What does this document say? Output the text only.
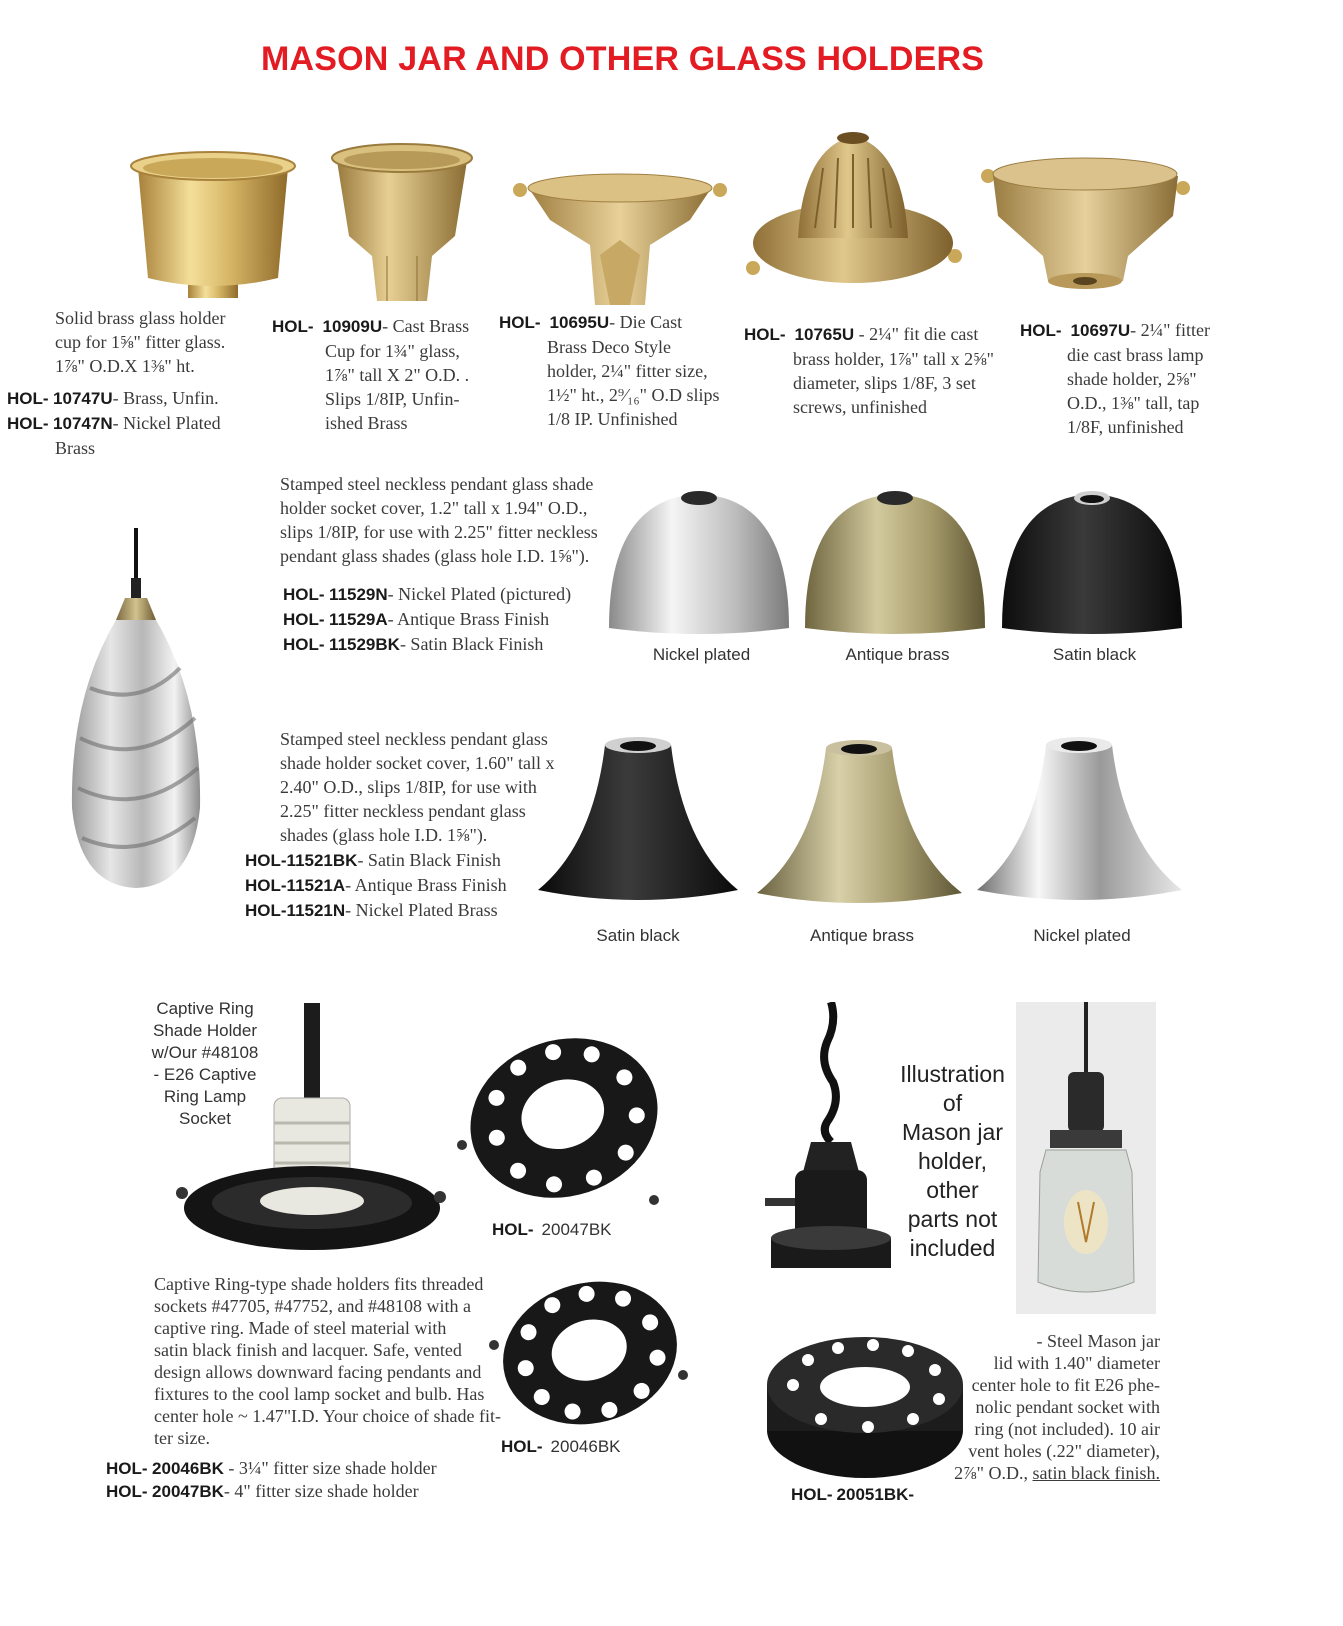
MASON JAR AND OTHER GLASS HOLDERS

Solid brass glass holder

cup for 1⅝" fitter glass.

1⅞" O.D.X 1⅜" ht.

HOL- 10747U- Brass, Unfin.

HOL- 10747N- Nickel Plated

Brass

HOL- 10909U- Cast Brass

Cup for 1¾" glass,

1⅞" tall X 2" O.D. .

Slips 1/8IP, Unfin-

ished Brass

HOL- 10695U- Die Cast

Brass Deco Style

holder, 2¼" fitter size,

1½" ht., 2⁹⁄₁₆" O.D slips

1/8 IP. Unfinished

HOL- 10765U - 2¼" fit die cast

brass holder, 1⅞" tall x 2⅝"

diameter, slips 1/8F, 3 set

screws, unfinished

HOL- 10697U- 2¼" fitter

die cast brass lamp

shade holder, 2⅝"

O.D., 1⅜" tall, tap

1/8F, unfinished

Stamped steel neckless pendant glass shade

holder socket cover, 1.2" tall x 1.94" O.D.,

slips 1/8IP, for use with 2.25" fitter neckless

pendant glass shades (glass hole I.D. 1⅝").

HOL- 11529N- Nickel Plated (pictured)

HOL- 11529A- Antique Brass Finish

HOL- 11529BK- Satin Black Finish

Nickel plated	Antique brass	Satin black

Stamped steel neckless pendant glass

shade holder socket cover, 1.60" tall x

2.40" O.D., slips 1/8IP, for use with

2.25" fitter neckless pendant glass

shades (glass hole I.D. 1⅝").

HOL-11521BK- Satin Black Finish

HOL-11521A- Antique Brass Finish

HOL-11521N- Nickel Plated Brass

Satin black	Antique brass	Nickel plated
Captive Ring
Shade Holder
w/Our #48108
- E26 Captive
Ring Lamp
Socket
HOL- 20047BK
HOL- 20046BK

Captive Ring-type shade holders fits threaded

sockets #47705, #47752, and #48108 with a

captive ring. Made of steel material with

satin black finish and lacquer. Safe, vented

design allows downward facing pendants and

fixtures to the cool lamp socket and bulb. Has

center hole ~ 1.47"I.D. Your choice of shade fit-

ter size.

HOL- 20046BK - 3¼" fitter size shade holder

HOL- 20047BK- 4" fitter size shade holder

Illustration
of
Mason jar
holder,
other
parts not
included

- Steel Mason jar

lid with 1.40" diameter

center hole to fit E26 phe-

nolic pendant socket with

ring (not included). 10 air

vent holes (.22" diameter),

2⅞" O.D., satin black finish.

HOL- 20051BK-
